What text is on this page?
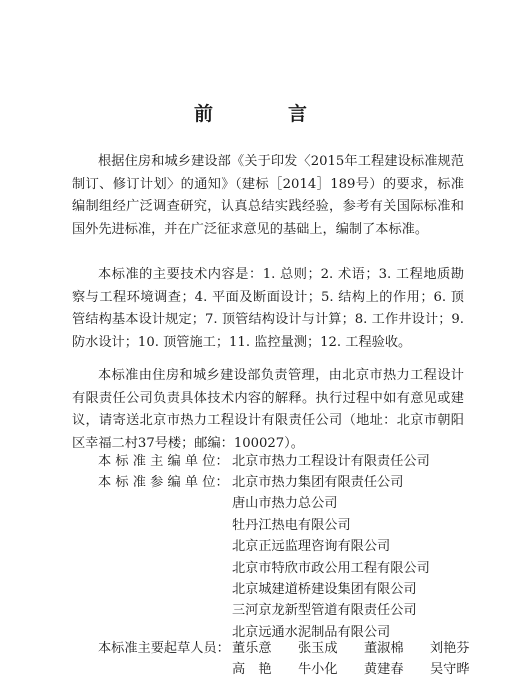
前　言
根据住房和城乡建设部《关于印发〈2015年工程建设标准规范制订、修订计划〉的通知》（建标［2014］189号）的要求，标准编制组经广泛调查研究，认真总结实践经验，参考有关国际标准和国外先进标准，并在广泛征求意见的基础上，编制了本标准。
本标准的主要技术内容是：1. 总则；2. 术语；3. 工程地质勘察与工程环境调查；4. 平面及断面设计；5. 结构上的作用；6. 顶管结构基本设计规定；7. 顶管结构设计与计算；8. 工作井设计；9. 防水设计；10. 顶管施工；11. 监控量测；12. 工程验收。
本标准由住房和城乡建设部负责管理，由北京市热力工程设计有限责任公司负责具体技术内容的解释。执行过程中如有意见或建议，请寄送北京市热力工程设计有限责任公司（地址：北京市朝阳区幸福二村37号楼；邮编：100027）。
本 标 准 主 编 单 位： 北京市热力工程设计有限责任公司
本 标 准 参 编 单 位： 北京市热力集团有限责任公司
唐山市热力总公司
牡丹江热电有限公司
北京正远监理咨询有限公司
北京市特欣市政公用工程有限公司
北京城建道桥建设集团有限公司
三河京龙新型管道有限责任公司
北京远通水泥制品有限公司
本标准主要起草人员： 董乐意	张玉成	董淑棉	刘艳芬
高　艳	牛小化	黄建春	吴守晔
